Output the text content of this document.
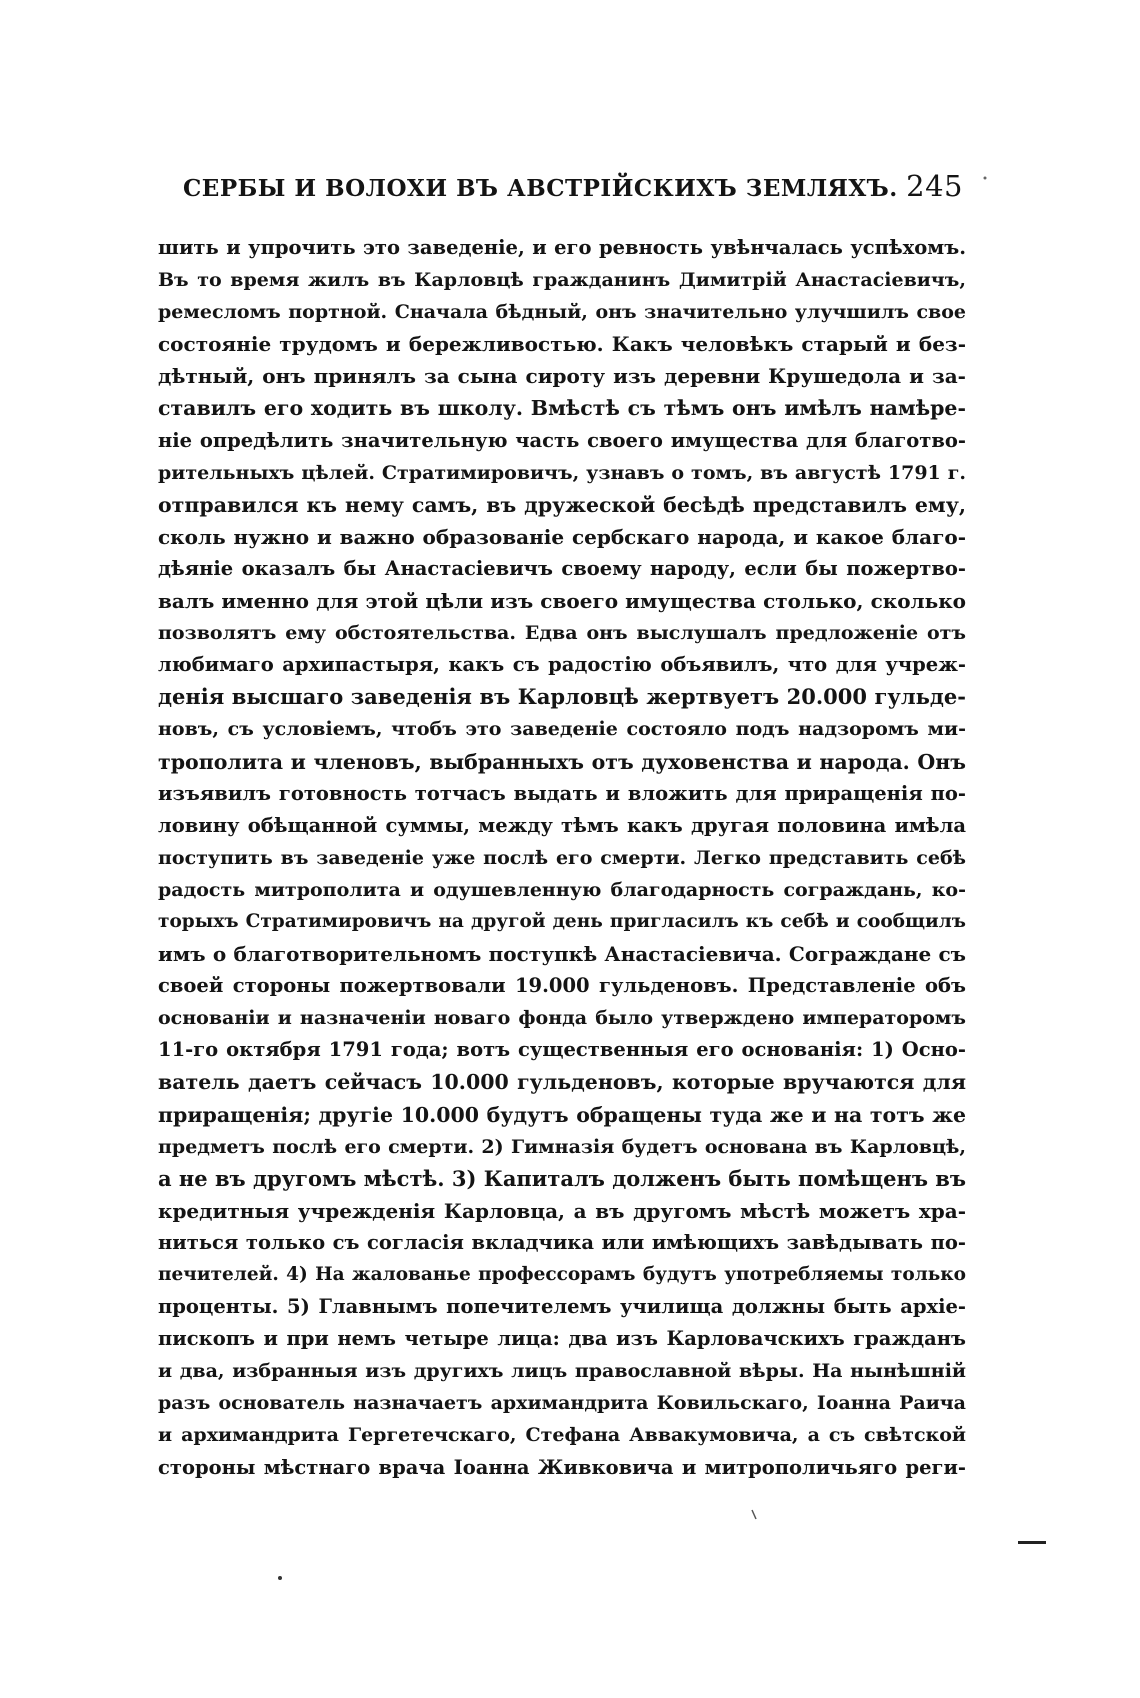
СЕРБЫ И ВОЛОХИ ВЪ АВСТРІЙСКИХЪ ЗЕМЛЯХЪ. 245
шить и упрочить это заведеніе, и его ревность увѣнчалась успѣхомъ.
Въ то время жилъ въ Карловцѣ гражданинъ Димитрій Анастасіевичъ,
ремесломъ портной. Сначала бѣдный, онъ значительно улучшилъ свое
состояніе трудомъ и бережливостью. Какъ человѣкъ старый и без-
дѣтный, онъ принялъ за сына сироту изъ деревни Крушедола и за-
ставилъ его ходить въ школу. Вмѣстѣ съ тѣмъ онъ имѣлъ намѣре-
ніе опредѣлить значительную часть своего имущества для благотво-
рительныхъ цѣлей. Стратимировичъ, узнавъ о томъ, въ августѣ 1791 г.
отправился къ нему самъ, въ дружеской бесѣдѣ представилъ ему,
сколь нужно и важно образованіе сербскаго народа, и какое благо-
дѣяніе оказалъ бы Анастасіевичъ своему народу, если бы пожертво-
валъ именно для этой цѣли изъ своего имущества столько, сколько
позволятъ ему обстоятельства. Едва онъ выслушалъ предложеніе отъ
любимаго архипастыря, какъ съ радостію объявилъ, что для учреж-
денія высшаго заведенія въ Карловцѣ жертвуетъ 20.000 гульде-
новъ, съ условіемъ, чтобъ это заведеніе состояло подъ надзоромъ ми-
трополита и членовъ, выбранныхъ отъ духовенства и народа. Онъ
изъявилъ готовность тотчасъ выдать и вложить для приращенія по-
ловину обѣщанной суммы, между тѣмъ какъ другая половина имѣла
поступить въ заведеніе уже послѣ его смерти. Легко представить себѣ
радость митрополита и одушевленную благодарность сограждань, ко-
торыхъ Стратимировичъ на другой день пригласилъ къ себѣ и сообщилъ
имъ о благотворительномъ поступкѣ Анастасіевича. Сограждане съ
своей стороны пожертвовали 19.000 гульденовъ. Представленіе объ
основаніи и назначеніи новаго фонда было утверждено императоромъ
11-го октября 1791 года; вотъ существенныя его основанія: 1) Осно-
ватель даетъ сейчасъ 10.000 гульденовъ, которые вручаются для
приращенія; другіе 10.000 будутъ обращены туда же и на тотъ же
предметъ послѣ его смерти. 2) Гимназія будетъ основана въ Карловцѣ,
а не въ другомъ мѣстѣ. 3) Капиталъ долженъ быть помѣщенъ въ
кредитныя учрежденія Карловца, а въ другомъ мѣстѣ можетъ хра-
ниться только съ согласія вкладчика или имѣющихъ завѣдывать по-
печителей. 4) На жалованье профессорамъ будутъ употребляемы только
проценты. 5) Главнымъ попечителемъ училища должны быть архіе-
пископъ и при немъ четыре лица: два изъ Карловачскихъ гражданъ
и два, избранныя изъ другихъ лицъ православной вѣры. На нынѣшній
разъ основатель назначаетъ архимандрита Ковильскаго, Іоанна Раича
и архимандрита Гергетечскаго, Стефана Аввакумовича, а съ свѣтской
стороны мѣстнаго врача Іоанна Живковича и митрополичьяго реги-
